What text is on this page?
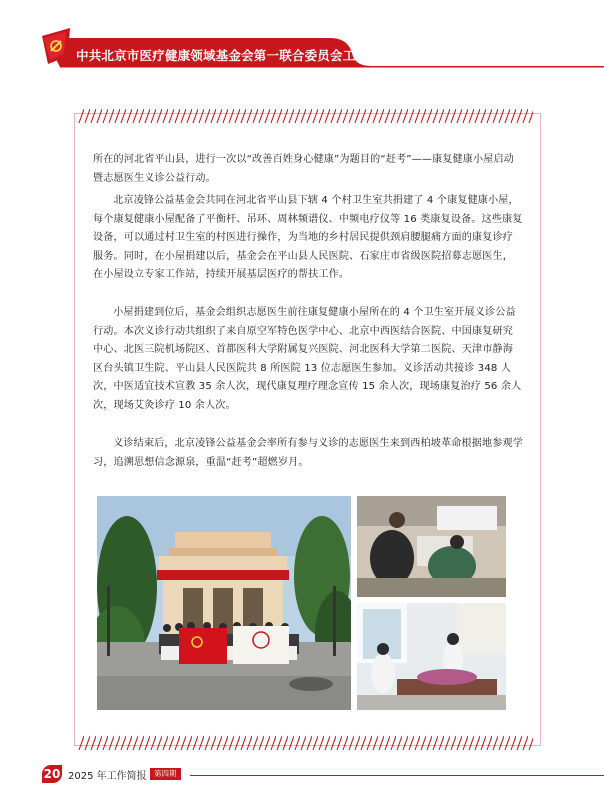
中共北京市医疗健康领域基金会第一联合委员会工作简报

所在的河北省平山县，进行一次以“改善百姓身心健康”为题目的“赶考”——康复健康小屋启动暨志愿医生义诊公益行动。

北京凌锋公益基金会共同在河北省平山县下辖 4 个村卫生室共捐建了 4 个康复健康小屋，每个康复健康小屋配备了平衡杆、吊环、周林频谱仪、中频电疗仪等 16 类康复设备。这些康复设备，可以通过村卫生室的村医进行操作，为当地的乡村居民提供颈肩腰腿痛方面的康复诊疗服务。同时，在小屋捐建以后，基金会在平山县人民医院、石家庄市省级医院招募志愿医生，在小屋设立专家工作站，持续开展基层医疗的帮扶工作。

小屋捐建到位后，基金会组织志愿医生前往康复健康小屋所在的 4 个卫生室开展义诊公益行动。本次义诊行动共组织了来自原空军特色医学中心、北京中西医结合医院、中国康复研究中心、北医三院机场院区、首都医科大学附属复兴医院、河北医科大学第二医院、天津市静海区台头镇卫生院、平山县人民医院共 8 所医院 13 位志愿医生参加。义诊活动共接诊 348 人次，中医适宜技术宣教 35 余人次，现代康复理疗理念宣传 15 余人次，现场康复治疗 56 余人次，现场艾灸诊疗 10 余人次。

义诊结束后，北京凌锋公益基金会率所有参与义诊的志愿医生来到西柏坡革命根据地参观学习，追溯思想信念源泉，重温“赶考”超燃岁月。

20 2025 年工作简报 第四期
